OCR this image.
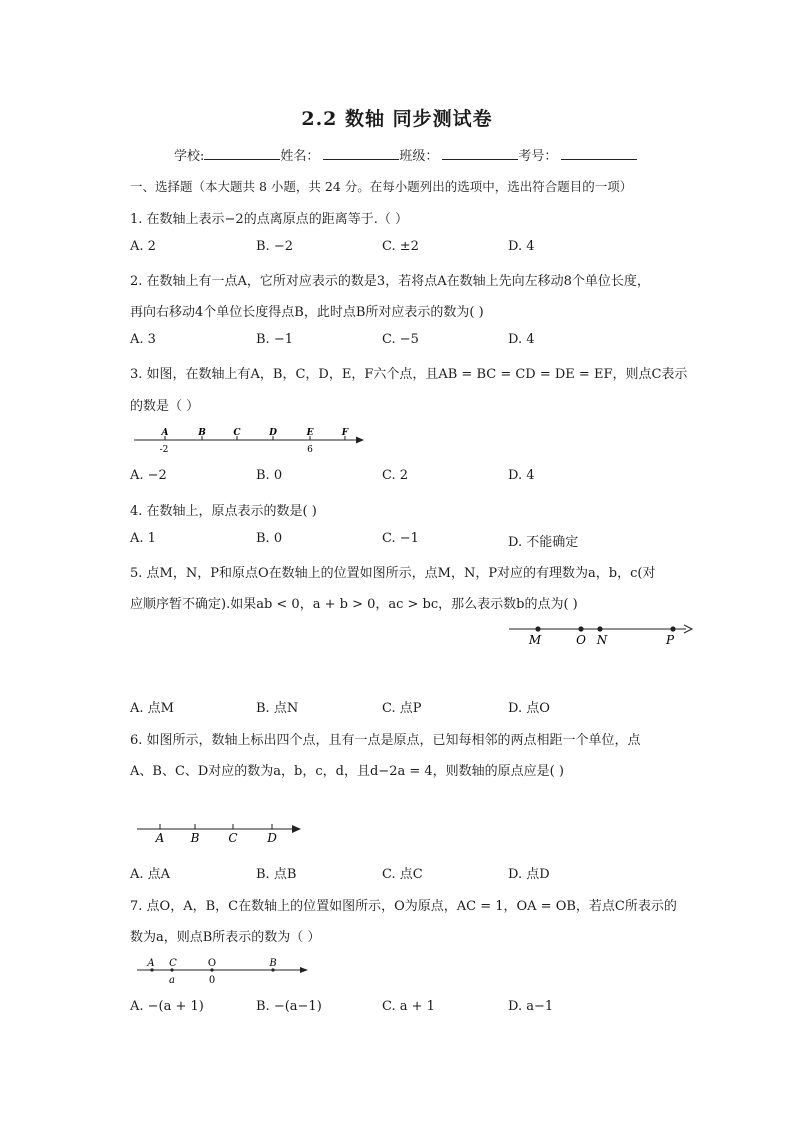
2.2 数轴 同步测试卷
学校:	姓名：	班级：	考号：
一、选择题（本大题共 8 小题，共 24 分。在每小题列出的选项中，选出符合题目的一项）
1. 在数轴上表示−2的点离原点的距离等于.（ ）
A. 2	B. −2	C. ±2	D. 4
2. 在数轴上有一点A，它所对应表示的数是3，若将点A在数轴上先向左移动8个单位长度，
再向右移动4个单位长度得点B，此时点B所对应表示的数为( )
A. 3	B. −1	C. −5	D. 4
3. 如图，在数轴上有A，B，C，D，E，F六个点，且AB = BC = CD = DE = EF，则点C表示
的数是（ ）
A	B	C	D	E	F
-2	6
A. −2	B. 0	C. 2	D. 4
4. 在数轴上，原点表示的数是( )
A. 1	B. 0	C. −1	D. 不能确定
5. 点M，N，P和原点O在数轴上的位置如图所示，点M，N，P对应的有理数为a，b，c(对
应顺序暂不确定).如果ab < 0，a + b > 0，ac > bc，那么表示数b的点为( )
M	O N	P
A. 点M	B. 点N	C. 点P	D. 点O
6. 如图所示，数轴上标出四个点，且有一点是原点，已知每相邻的两点相距一个单位，点
A、B、C、D对应的数为a，b，c，d，且d−2a = 4，则数轴的原点应是( )
A B C D
A. 点A	B. 点B	C. 点C	D. 点D
7. 点O，A，B，C在数轴上的位置如图所示，O为原点，AC = 1，OA = OB，若点C所表示的
数为a，则点B所表示的数为（ ）
A C	O	B
a	0
A. −(a + 1)	B. −(a−1)	C. a + 1	D. a−1
